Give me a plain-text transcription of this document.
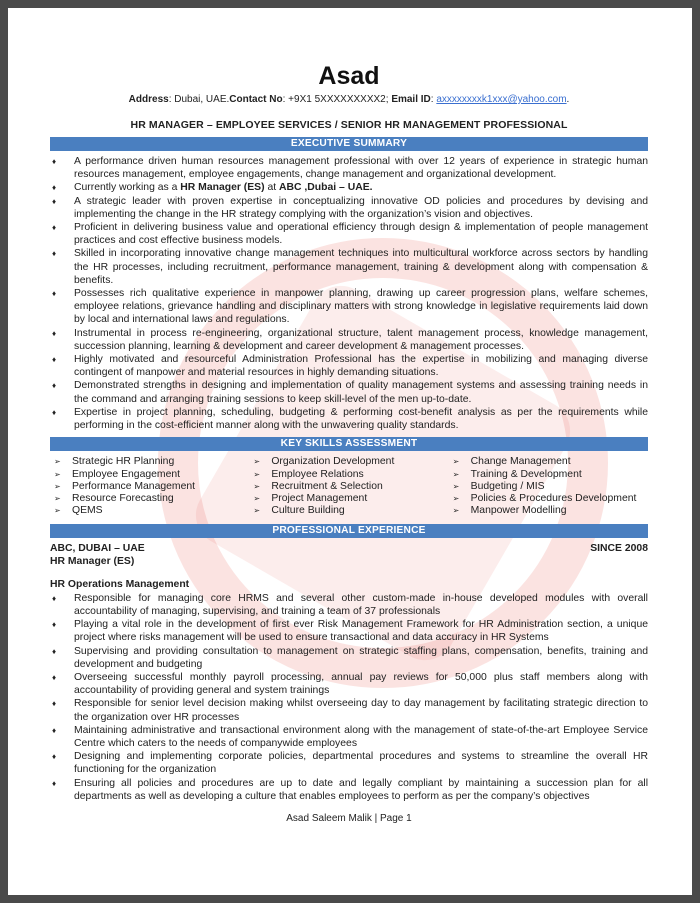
Asad
Address: Dubai, UAE.Contact No: +9X1 5XXXXXXXXX2; Email ID: axxxxxxxxk1xxx@yahoo.com.
HR MANAGER – EMPLOYEE SERVICES / SENIOR HR MANAGEMENT PROFESSIONAL
EXECUTIVE SUMMARY
♦ A performance driven human resources management professional with over 12 years of experience in strategic human resources management, employee engagements, change management and organizational development.
♦ Currently working as a HR Manager (ES) at ABC ,Dubai – UAE.
♦ A strategic leader with proven expertise in conceptualizing innovative OD policies and procedures by devising and implementing the change in the HR strategy complying with the organization’s vision and objectives.
♦ Proficient in delivering business value and operational efficiency through design & implementation of people management practices and cost effective business models.
♦ Skilled in incorporating innovative change management techniques into multicultural workforce across sectors by handling the HR processes, including recruitment, performance management, training & development along with compensation & benefits.
♦ Possesses rich qualitative experience in manpower planning, drawing up career progression plans, welfare schemes, employee relations, grievance handling and disciplinary matters with strong knowledge in legislative requirements laid down by local and international laws and regulations.
♦ Instrumental in process re-engineering, organizational structure, talent management process, knowledge management, succession planning, learning & development and career development & management processes.
♦ Highly motivated and resourceful Administration Professional has the expertise in mobilizing and managing diverse contingent of manpower and material resources in highly demanding situations.
♦ Demonstrated strengths in designing and implementation of quality management systems and assessing training needs in the command and arranging training sessions to keep skill-level of the men up-to-date.
♦ Expertise in project planning, scheduling, budgeting & performing cost-benefit analysis as per the requirements while performing in the cost-efficient manner along with the unwavering quality standards.
KEY SKILLS ASSESSMENT
➢ Strategic HR Planning
➢ Employee Engagement
➢ Performance Management
➢ Resource Forecasting
➢ QEMS
➢ Organization Development
➢ Employee Relations
➢ Recruitment & Selection
➢ Project Management
➢ Culture Building
➢ Change Management
➢ Training & Development
➢ Budgeting / MIS
➢ Policies & Procedures Development
➢ Manpower Modelling
PROFESSIONAL EXPERIENCE
ABC, DUBAI – UAE	SINCE 2008
HR Manager (ES)
HR Operations Management
♦ Responsible for managing core HRMS and several other custom-made in-house developed modules with overall accountability of managing, supervising, and training a team of 37 professionals
♦ Playing a vital role in the development of first ever Risk Management Framework for HR Administration section, a unique project where risks management will be used to ensure transactional and data accuracy in HR Systems
♦ Supervising and providing consultation to management on strategic staffing plans, compensation, benefits, training and development and budgeting
♦ Overseeing successful monthly payroll processing, annual pay reviews for 50,000 plus staff members along with accountability of providing general and system trainings
♦ Responsible for senior level decision making whilst overseeing day to day management by facilitating strategic direction to the organization over HR processes
♦ Maintaining administrative and transactional environment along with the management of state-of-the-art Employee Service Centre which caters to the needs of companywide employees
♦ Designing and implementing corporate policies, departmental procedures and systems to streamline the overall HR functioning for the organization
♦ Ensuring all policies and procedures are up to date and legally compliant by maintaining a succession plan for all departments as well as developing a culture that enables employees to perform as per the company’s objectives
Asad Saleem Malik | Page 1
